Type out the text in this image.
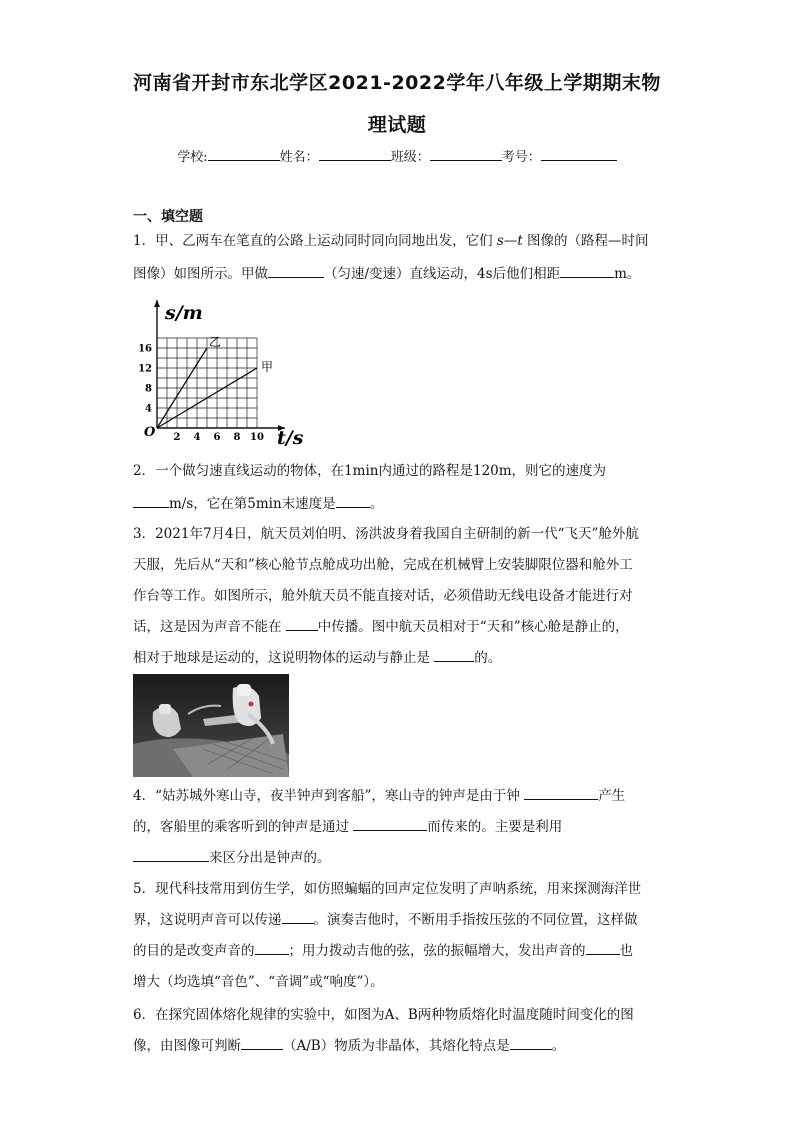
河南省开封市东北学区2021-2022学年八年级上学期期末物
理试题
学校:	姓名：	班级：	考号：
一、填空题
1．甲、乙两车在笔直的公路上运动同时同向同地出发，它们 s—t 图像的（路程—时间
图像）如图所示。甲做	（匀速/变速）直线运动，4s后他们相距	m。
2 4 6 8 10
4
8
12
16
O
s/m
t/s
乙
甲
2．一个做匀速直线运动的物体，在1min内通过的路程是120m，则它的速度为
m/s，它在第5min末速度是	。
3．2021年7月4日，航天员刘伯明、汤洪波身着我国自主研制的新一代“飞天”舱外航
天服，先后从“天和”核心舱节点舱成功出舱，完成在机械臂上安装脚限位器和舱外工
作台等工作。如图所示，舱外航天员不能直接对话，必须借助无线电设备才能进行对
话，这是因为声音不能在 中传播。图中航天员相对于“天和”核心舱是静止的，
相对于地球是运动的，这说明物体的运动与静止是	的。
4．“姑苏城外寒山寺，夜半钟声到客船”，寒山寺的钟声是由于钟	产生
的，客船里的乘客听到的钟声是通过	而传来的。主要是利用
来区分出是钟声的。
5．现代科技常用到仿生学，如仿照蝙蝠的回声定位发明了声呐系统，用来探测海洋世
界，这说明声音可以传递 。演奏吉他时，不断用手指按压弦的不同位置，这样做
的目的是改变声音的	；用力拨动吉他的弦，弦的振幅增大，发出声音的	也
增大（均选填“音色”、“音调”或“响度”）。
6．在探究固体熔化规律的实验中，如图为A、B两种物质熔化时温度随时间变化的图
像，由图像可判断	（A/B）物质为非晶体，其熔化特点是	。
